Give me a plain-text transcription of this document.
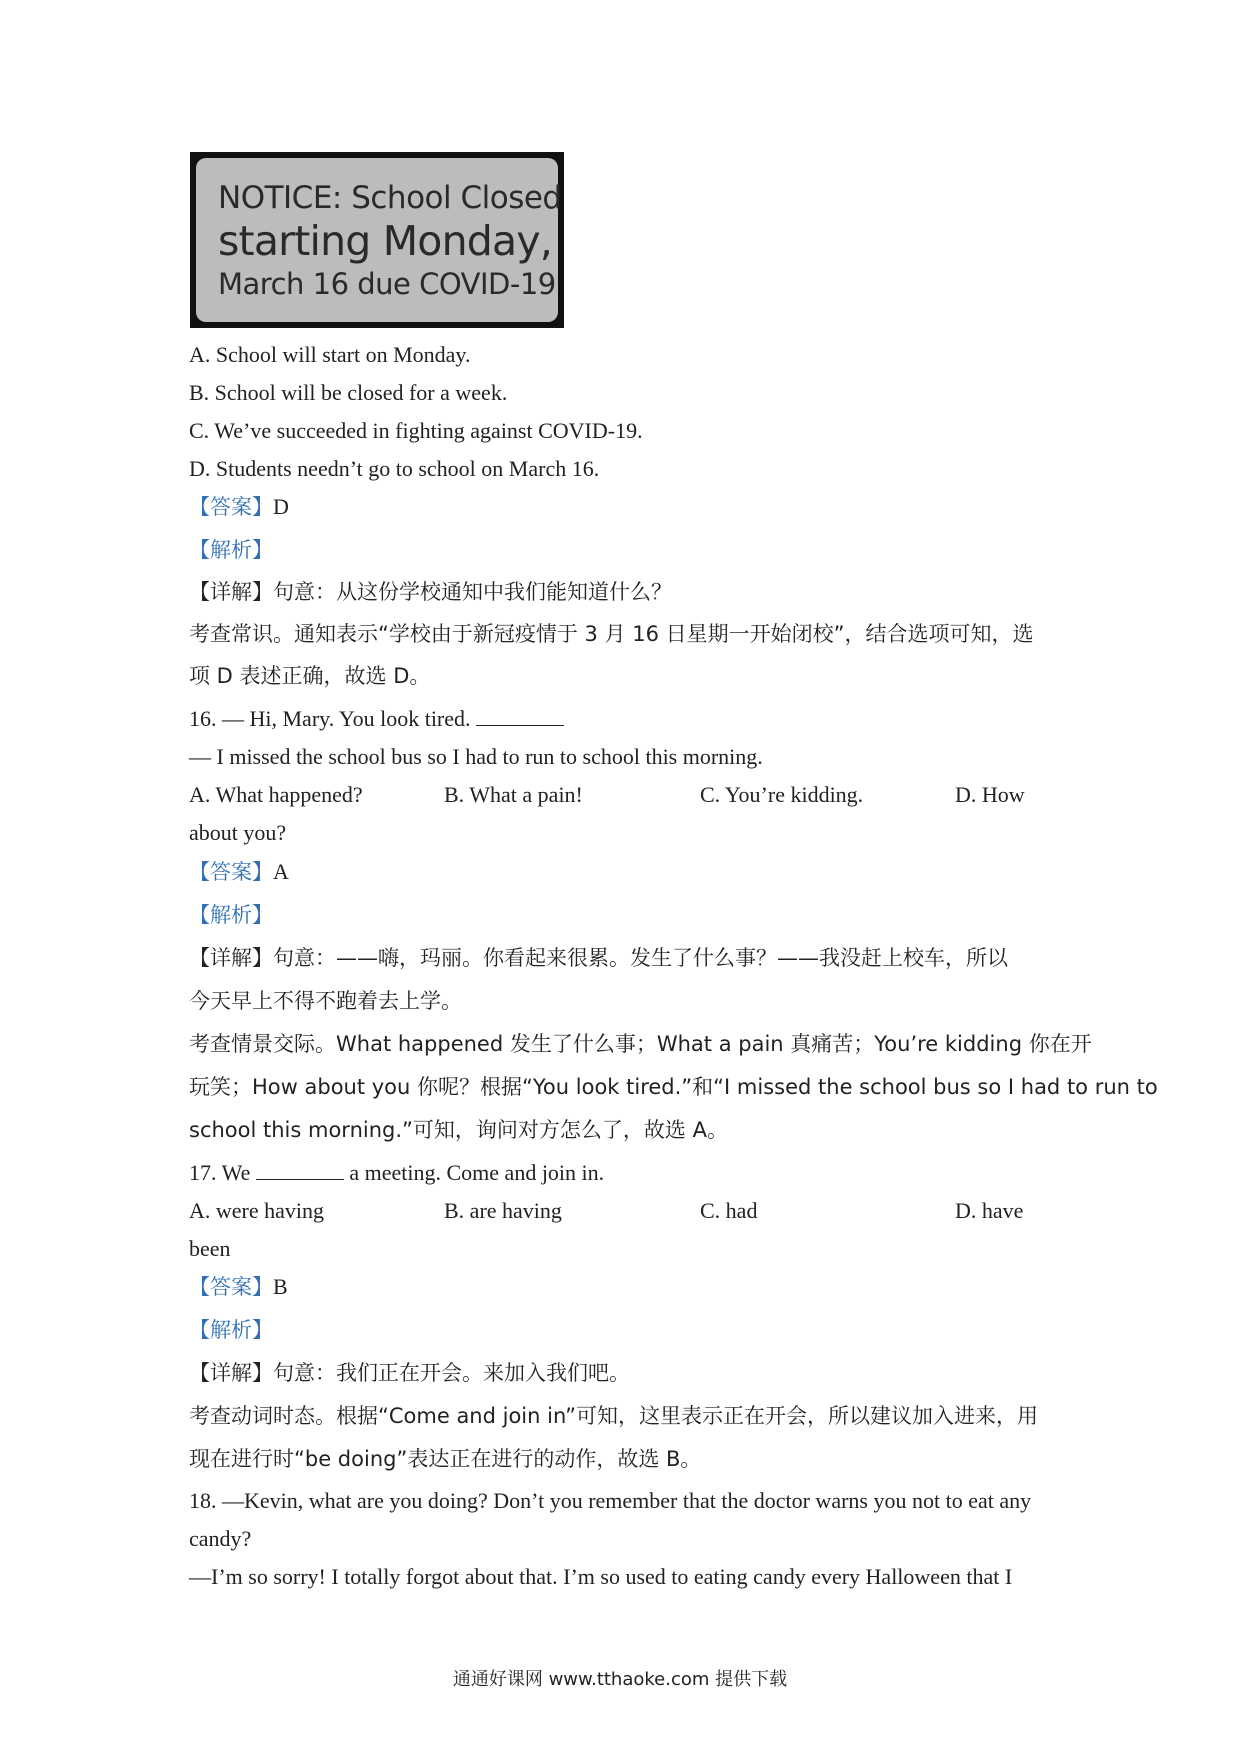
NOTICE: School Closed
starting Monday,
March 16 due COVID-19
A. School will start on Monday.
B. School will be closed for a week.
C. We’ve succeeded in fighting against COVID-19.
D. Students needn’t go to school on March 16.
【答案】D
【解析】
【详解】句意：从这份学校通知中我们能知道什么？
考查常识。通知表示“学校由于新冠疫情于 3 月 16 日星期一开始闭校”，结合选项可知，选
项 D 表述正确，故选 D。
16. — Hi, Mary. You look tired.
— I missed the school bus so I had to run to school this morning.
A. What happened?	B. What a pain!	C. You’re kidding.	D. How
about you?
【答案】A
【解析】
【详解】句意：——嗨，玛丽。你看起来很累。发生了什么事？——我没赶上校车，所以
今天早上不得不跑着去上学。
考查情景交际。What happened 发生了什么事；What a pain 真痛苦；You’re kidding 你在开
玩笑；How about you 你呢？根据“You look tired.”和“I missed the school bus so I had to run to
school this morning.”可知，询问对方怎么了，故选 A。
17. We	a meeting. Come and join in.
A. were having	B. are having	C. had	D. have
been
【答案】B
【解析】
【详解】句意：我们正在开会。来加入我们吧。
考查动词时态。根据“Come and join in”可知，这里表示正在开会，所以建议加入进来，用
现在进行时“be doing”表达正在进行的动作，故选 B。
18. —Kevin, what are you doing? Don’t you remember that the doctor warns you not to eat any
candy?
—I’m so sorry! I totally forgot about that. I’m so used to eating candy every Halloween that I
通通好课网 www.tthaoke.com 提供下载
